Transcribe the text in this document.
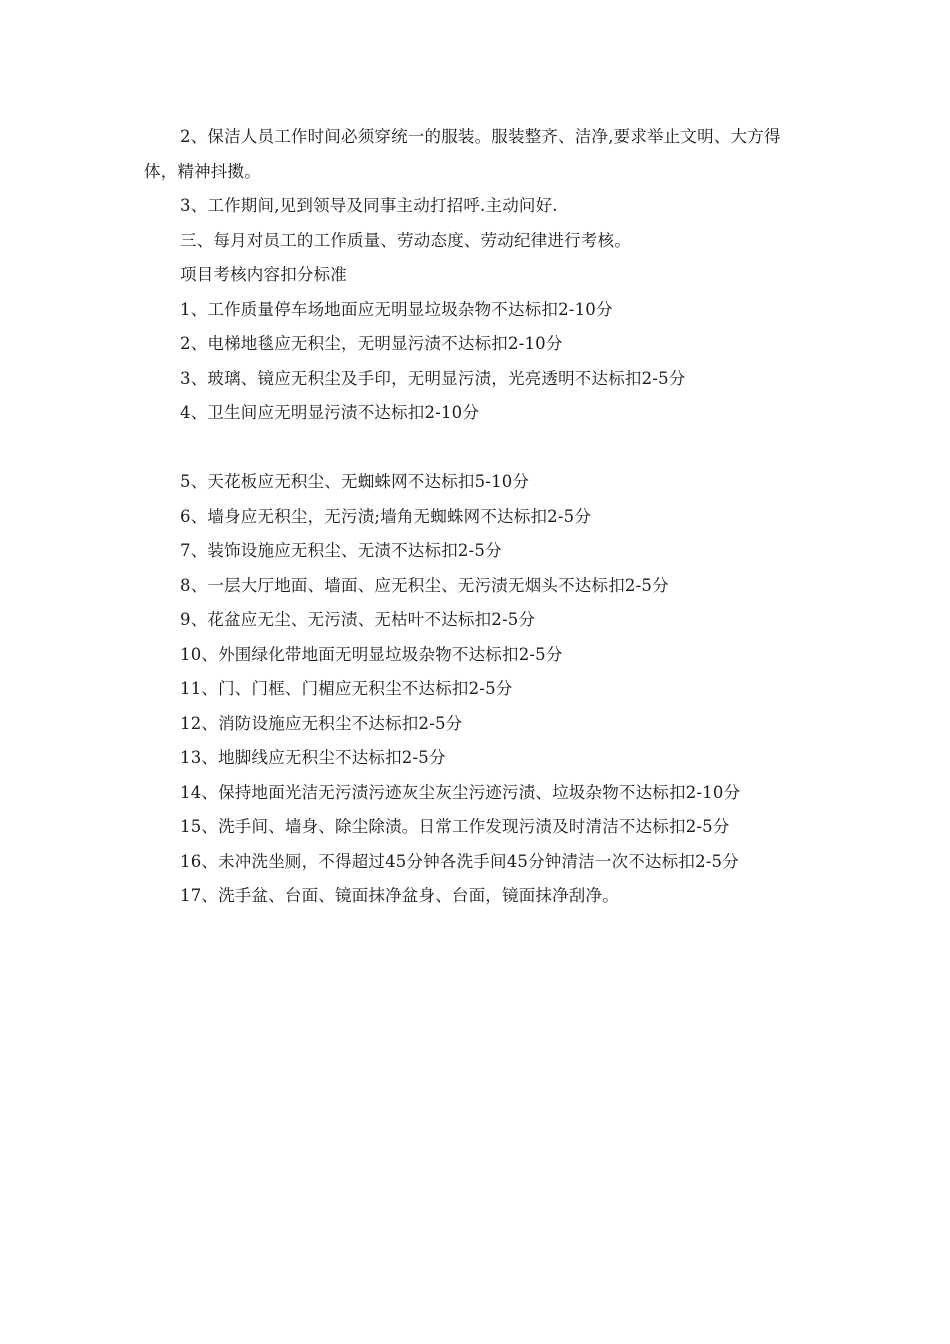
2、保洁人员工作时间必须穿统一的服装。服装整齐、洁净,要求举止文明、大方得体，精神抖擞。

3、工作期间,见到领导及同事主动打招呼.主动问好.

三、每月对员工的工作质量、劳动态度、劳动纪律进行考核。

项目考核内容扣分标准

1、工作质量停车场地面应无明显垃圾杂物不达标扣2-10分

2、电梯地毯应无积尘，无明显污渍不达标扣2-10分

3、玻璃、镜应无积尘及手印，无明显污渍，光亮透明不达标扣2-5分

4、卫生间应无明显污渍不达标扣2-10分

5、天花板应无积尘、无蜘蛛网不达标扣5-10分

6、墙身应无积尘，无污渍;墙角无蜘蛛网不达标扣2-5分

7、装饰设施应无积尘、无渍不达标扣2-5分

8、一层大厅地面、墙面、应无积尘、无污渍无烟头不达标扣2-5分

9、花盆应无尘、无污渍、无枯叶不达标扣2-5分

10、外围绿化带地面无明显垃圾杂物不达标扣2-5分

11、门、门框、门楣应无积尘不达标扣2-5分

12、消防设施应无积尘不达标扣2-5分

13、地脚线应无积尘不达标扣2-5分

14、保持地面光洁无污渍污迹灰尘灰尘污迹污渍、垃圾杂物不达标扣2-10分

15、洗手间、墙身、除尘除渍。日常工作发现污渍及时清洁不达标扣2-5分

16、未冲洗坐厕，不得超过45分钟各洗手间45分钟清洁一次不达标扣2-5分

17、洗手盆、台面、镜面抹净盆身、台面，镜面抹净刮净。
